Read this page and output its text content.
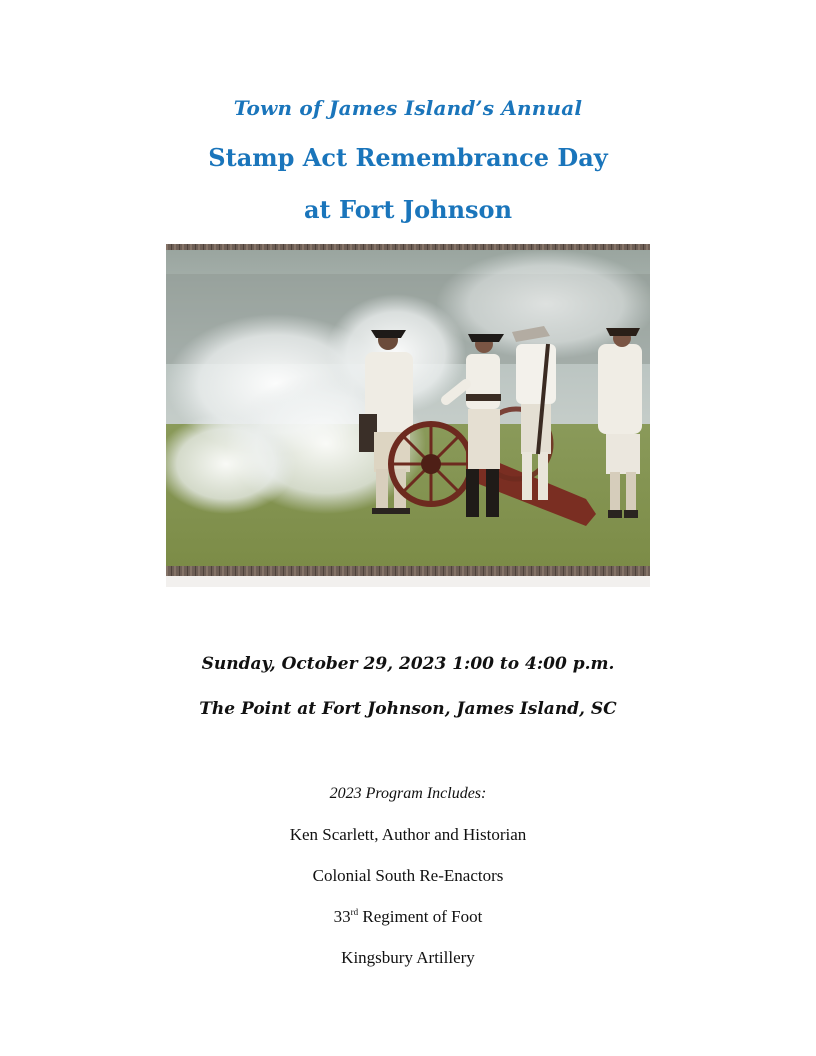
Town of James Island’s Annual
Stamp Act Remembrance Day
at Fort Johnson
Sunday, October 29, 2023 1:00 to 4:00 p.m.
The Point at Fort Johnson, James Island, SC
2023 Program Includes:
Ken Scarlett, Author and Historian
Colonial South Re-Enactors
33rd Regiment of Foot
Kingsbury Artillery
